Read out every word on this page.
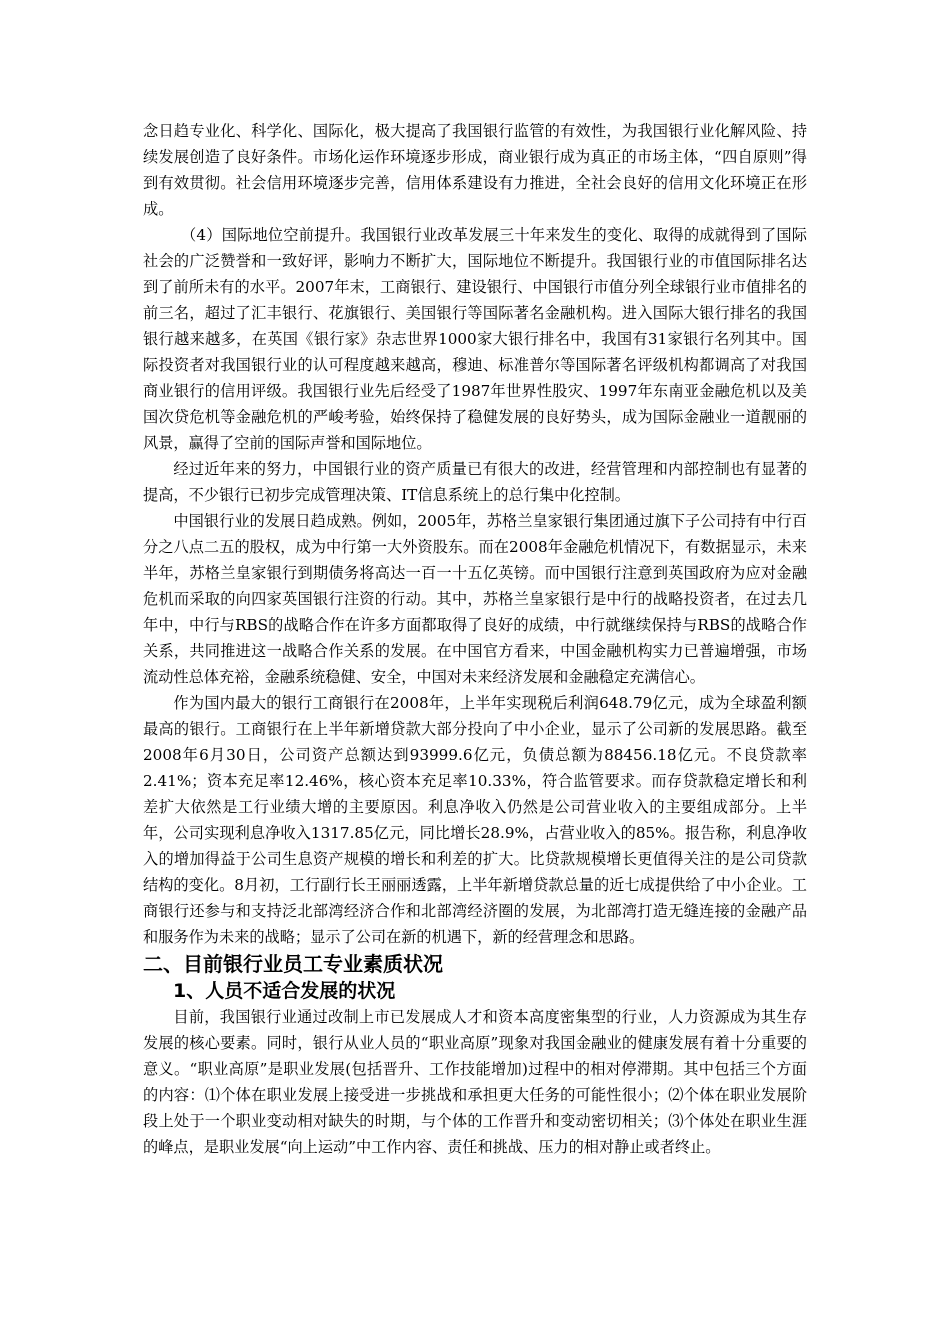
念日趋专业化、科学化、国际化，极大提高了我国银行监管的有效性，为我国银行业化解风险、持续发展创造了良好条件。市场化运作环境逐步形成，商业银行成为真正的市场主体，“四自原则”得到有效贯彻。社会信用环境逐步完善，信用体系建设有力推进，全社会良好的信用文化环境正在形成。

（4）国际地位空前提升。我国银行业改革发展三十年来发生的变化、取得的成就得到了国际社会的广泛赞誉和一致好评，影响力不断扩大，国际地位不断提升。我国银行业的市值国际排名达到了前所未有的水平。2007年末，工商银行、建设银行、中国银行市值分列全球银行业市值排名的前三名，超过了汇丰银行、花旗银行、美国银行等国际著名金融机构。进入国际大银行排名的我国银行越来越多，在英国《银行家》杂志世界1000家大银行排名中，我国有31家银行名列其中。国际投资者对我国银行业的认可程度越来越高，穆迪、标准普尔等国际著名评级机构都调高了对我国商业银行的信用评级。我国银行业先后经受了1987年世界性股灾、1997年东南亚金融危机以及美国次贷危机等金融危机的严峻考验，始终保持了稳健发展的良好势头，成为国际金融业一道靓丽的风景，赢得了空前的国际声誉和国际地位。

经过近年来的努力，中国银行业的资产质量已有很大的改进，经营管理和内部控制也有显著的提高，不少银行已初步完成管理决策、IT信息系统上的总行集中化控制。

中国银行业的发展日趋成熟。例如，2005年，苏格兰皇家银行集团通过旗下子公司持有中行百分之八点二五的股权，成为中行第一大外资股东。而在2008年金融危机情况下，有数据显示，未来半年，苏格兰皇家银行到期债务将高达一百一十五亿英镑。而中国银行注意到英国政府为应对金融危机而采取的向四家英国银行注资的行动。其中，苏格兰皇家银行是中行的战略投资者，在过去几年中，中行与RBS的战略合作在许多方面都取得了良好的成绩，中行就继续保持与RBS的战略合作关系，共同推进这一战略合作关系的发展。在中国官方看来，中国金融机构实力已普遍增强，市场流动性总体充裕，金融系统稳健、安全，中国对未来经济发展和金融稳定充满信心。

作为国内最大的银行工商银行在2008年，上半年实现税后利润648.79亿元，成为全球盈利额最高的银行。工商银行在上半年新增贷款大部分投向了中小企业，显示了公司新的发展思路。截至2008年6月30日，公司资产总额达到93999.6亿元，负债总额为88456.18亿元。不良贷款率2.41%；资本充足率12.46%，核心资本充足率10.33%，符合监管要求。而存贷款稳定增长和利差扩大依然是工行业绩大增的主要原因。利息净收入仍然是公司营业收入的主要组成部分。上半年，公司实现利息净收入1317.85亿元，同比增长28.9%，占营业收入的85%。报告称，利息净收入的增加得益于公司生息资产规模的增长和利差的扩大。比贷款规模增长更值得关注的是公司贷款结构的变化。8月初，工行副行长王丽丽透露，上半年新增贷款总量的近七成提供给了中小企业。工商银行还参与和支持泛北部湾经济合作和北部湾经济圈的发展，为北部湾打造无缝连接的金融产品和服务作为未来的战略；显示了公司在新的机遇下，新的经营理念和思路。

二、目前银行业员工专业素质状况
1、人员不适合发展的状况

目前，我国银行业通过改制上市已发展成人才和资本高度密集型的行业，人力资源成为其生存发展的核心要素。同时，银行从业人员的“职业高原”现象对我国金融业的健康发展有着十分重要的意义。“职业高原”是职业发展(包括晋升、工作技能增加)过程中的相对停滞期。其中包括三个方面的内容：⑴个体在职业发展上接受进一步挑战和承担更大任务的可能性很小；⑵个体在职业发展阶段上处于一个职业变动相对缺失的时期，与个体的工作晋升和变动密切相关；⑶个体处在职业生涯的峰点，是职业发展“向上运动”中工作内容、责任和挑战、压力的相对静止或者终止。
